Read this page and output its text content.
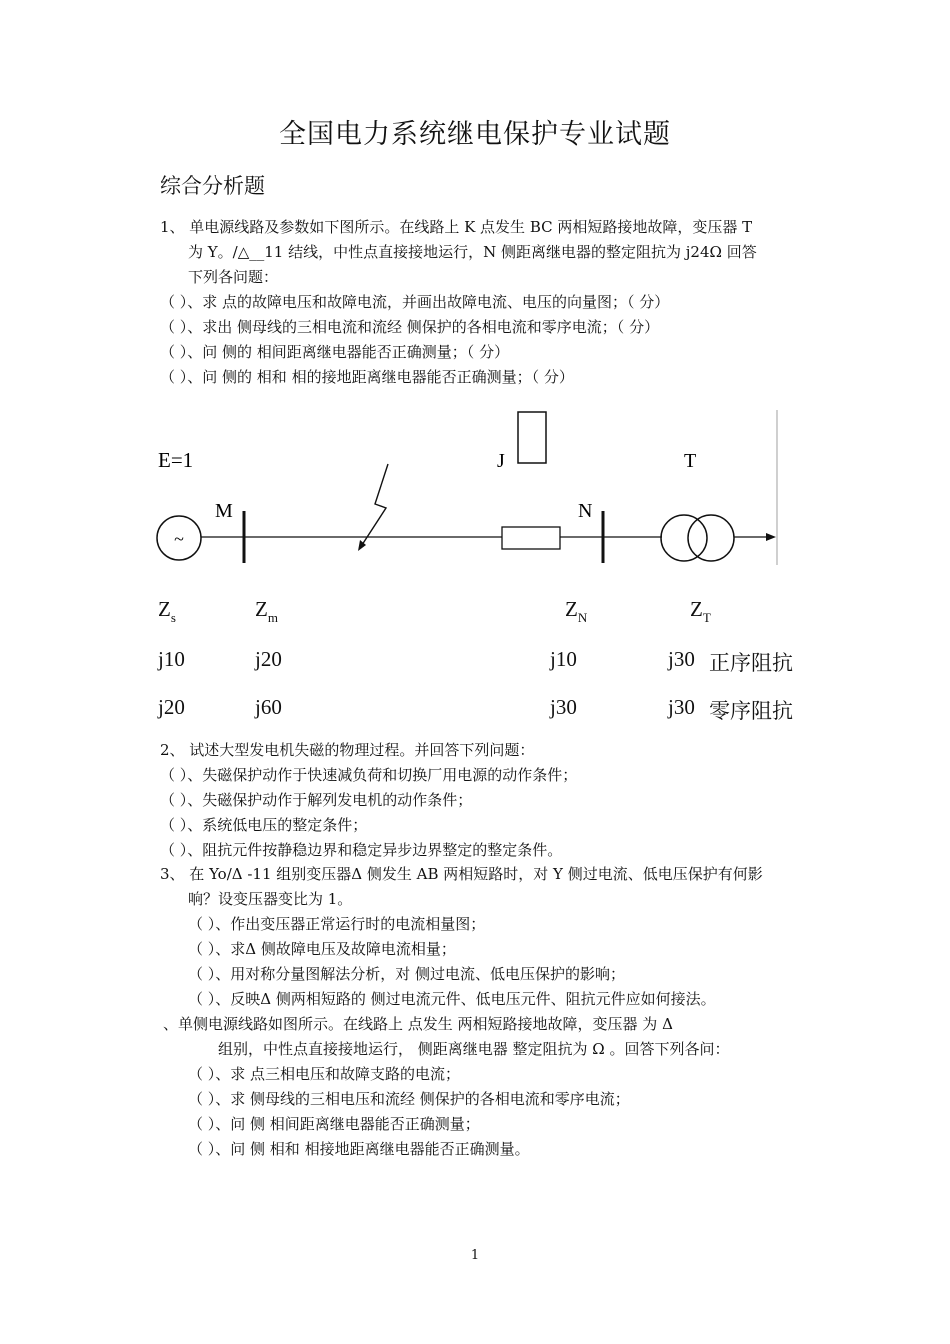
全国电力系统继电保护专业试题
综合分析题
1、 单电源线路及参数如下图所示。在线路上 K 点发生 BC 两相短路接地故障，变压器 T
为 Y。/△__11 结线，中性点直接接地运行，N 侧距离继电器的整定阻抗为 j24Ω 回答
下列各问题：
（ ）、求 点的故障电压和故障电流，并画出故障电流、电压的向量图；（ 分）
（ ）、求出 侧母线的三相电流和流经 侧保护的各相电流和零序电流；（ 分）
（ ）、问 侧的 相间距离继电器能否正确测量；（ 分）
（ ）、问 侧的 相和 相的接地距离继电器能否正确测量；（ 分）
E=1	J	T
M	N
~
$Z_s$	$Z_m$	$Z_N$	$Z_T$
j10	j20	j10	j30 正序阻抗
j20	j60	j30	j30 零序阻抗
2、 试述大型发电机失磁的物理过程。并回答下列问题：
（ ）、失磁保护动作于快速减负荷和切换厂用电源的动作条件；
（ ）、失磁保护动作于解列发电机的动作条件；
（ ）、系统低电压的整定条件；
（ ）、阻抗元件按静稳边界和稳定异步边界整定的整定条件。
3、 在 Yo/Δ -11 组别变压器Δ 侧发生 AB 两相短路时，对 Y 侧过电流、低电压保护有何影
响？设变压器变比为 1。
（ ）、作出变压器正常运行时的电流相量图；
（ ）、求Δ 侧故障电压及故障电流相量；
（ ）、用对称分量图解法分析，对 侧过电流、低电压保护的影响；
（ ）、反映Δ 侧两相短路的 侧过电流元件、低电压元件、阻抗元件应如何接法。
、单侧电源线路如图所示。在线路上 点发生 两相短路接地故障，变压器 为 Δ
组别，中性点直接接地运行， 侧距离继电器 整定阻抗为 Ω 。回答下列各问：
（ ）、求 点三相电压和故障支路的电流；
（ ）、求 侧母线的三相电压和流经 侧保护的各相电流和零序电流；
（ ）、问 侧 相间距离继电器能否正确测量；
（ ）、问 侧 相和 相接地距离继电器能否正确测量。
1
